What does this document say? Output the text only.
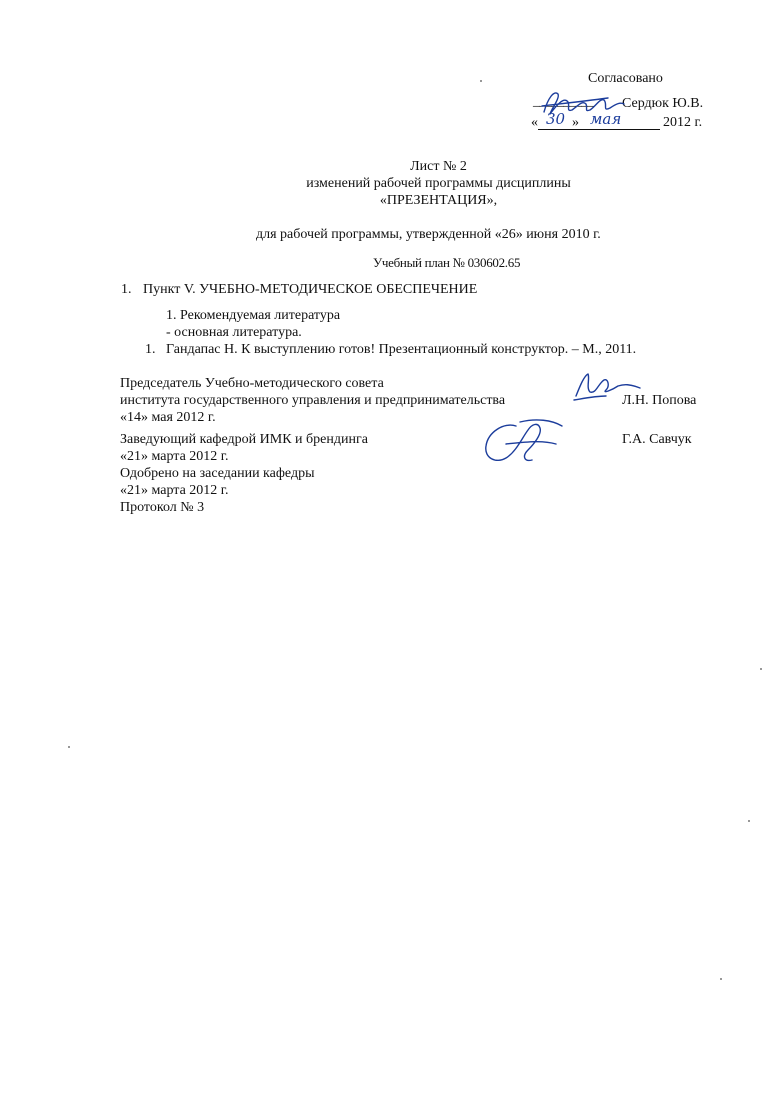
Согласовано
__________ Сердюк Ю.В.
« 30 » мая	2012 г.
Лист № 2
изменений рабочей программы дисциплины
«ПРЕЗЕНТАЦИЯ»,
для рабочей программы, утвержденной «26» июня 2010 г.
Учебный план № 030602.65
1. Пункт V. УЧЕБНО-МЕТОДИЧЕСКОЕ ОБЕСПЕЧЕНИЕ
1. Рекомендуемая литература
- основная литература.
1. Гандапас Н. К выступлению готов! Презентационный конструктор. – М., 2011.
Председатель Учебно-методического совета
института государственного управления и предпринимательства	Л.Н. Попова
«14» мая 2012 г.
Заведующий кафедрой ИМК и брендинга	Г.А. Савчук
«21» марта 2012 г.
Одобрено на заседании кафедры
«21» марта 2012 г.
Протокол № 3
